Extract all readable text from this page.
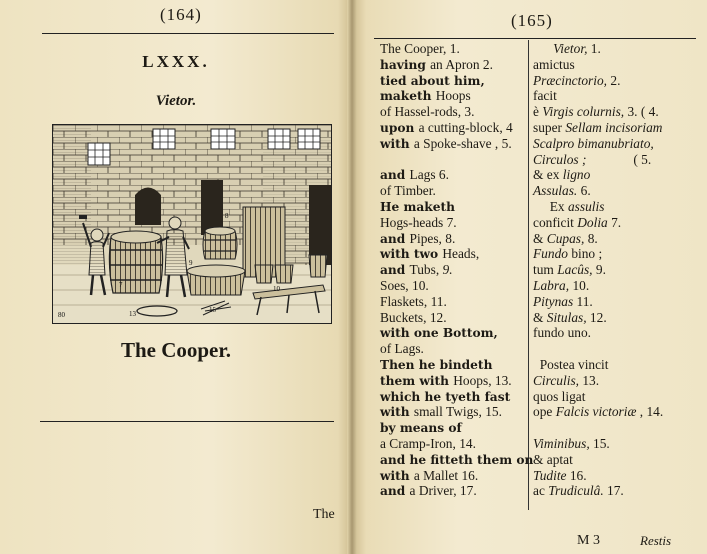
(164)
LXXX.
Vietor.
80	13
8
9
10
15
7
The Cooper.
The
(165)
The Cooper, 1.
having an Apron 2.
tied about him,
maketh Hoops
of Hassel-rods, 3.
upon a cutting-block, 4
with a Spoke-shave , 5.
and Lags 6.
of Timber.
He maketh
Hogs-heads 7.
and Pipes, 8.
with two Heads,
and Tubs, 9.
Soes, 10.
Flaskets, 11.
Buckets, 12.
with one Bottom,
of Lags.
Then he bindeth
them with Hoops, 13.
which he tyeth fast
with small Twigs, 15.
by means of
a Cramp-Iron, 14.
and he fitteth them on
with a Mallet 16.
and a Driver, 17.
Vietor, 1.
amictus
Præcinctorio, 2.
facit
è Virgis colurnis, 3. ( 4.
super Sellam incisoriam
Scalpro bimanubriato,
Circulos ;              ( 5.
& ex ligno
Assulas. 6.
Ex assulis
conficit Dolia 7.
& Cupas, 8.
Fundo bino ;
tum Lacûs, 9.
Labra, 10.
Pitynas 11.
& Situlas, 12.
fundo uno.
Postea vincit
Circulis, 13.
quos ligat
ope Falcis victoriæ , 14.
Viminibus, 15.
& aptat
Tudite 16.
ac Trudiculâ. 17.
M 3	Restis
